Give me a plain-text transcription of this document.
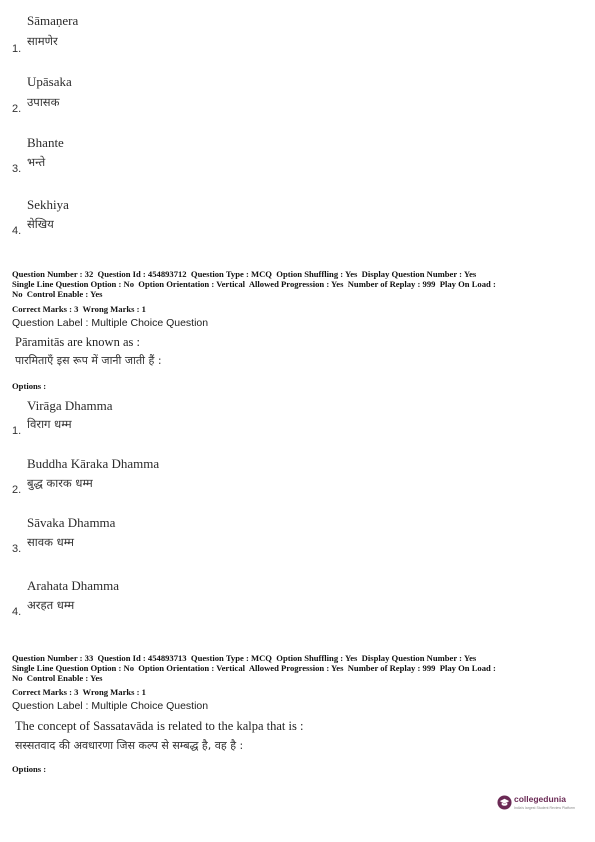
Sāmaṇera
सामणेर
1.
Upāsaka
उपासक
2.
Bhante
भन्ते
3.
Sekhiya
सेखिय
4.
Question Number : 32  Question Id : 454893712  Question Type : MCQ  Option Shuffling : Yes  Display Question Number : Yes
Single Line Question Option : No  Option Orientation : Vertical  Allowed Progression : Yes  Number of Replay : 999  Play On Load :
No  Control Enable : Yes
Correct Marks : 3  Wrong Marks : 1
Question Label : Multiple Choice Question
Pāramitās are known as :
पारमिताएँ इस रूप में जानी जाती हैं :
Options :
Virāga Dhamma
विराग धम्म
1.
Buddha Kāraka Dhamma
बुद्ध कारक धम्म
2.
Sāvaka Dhamma
सावक धम्म
3.
Arahata Dhamma
अरहत धम्म
4.
Question Number : 33  Question Id : 454893713  Question Type : MCQ  Option Shuffling : Yes  Display Question Number : Yes
Single Line Question Option : No  Option Orientation : Vertical  Allowed Progression : Yes  Number of Replay : 999  Play On Load :
No  Control Enable : Yes
Correct Marks : 3  Wrong Marks : 1
Question Label : Multiple Choice Question
The concept of Sassatavāda is related to the kalpa that is :
सस्सतवाद की अवधारणा जिस कल्प से सम्बद्ध है, वह है :
Options :
collegedunia
India's largest Student Review Platform
